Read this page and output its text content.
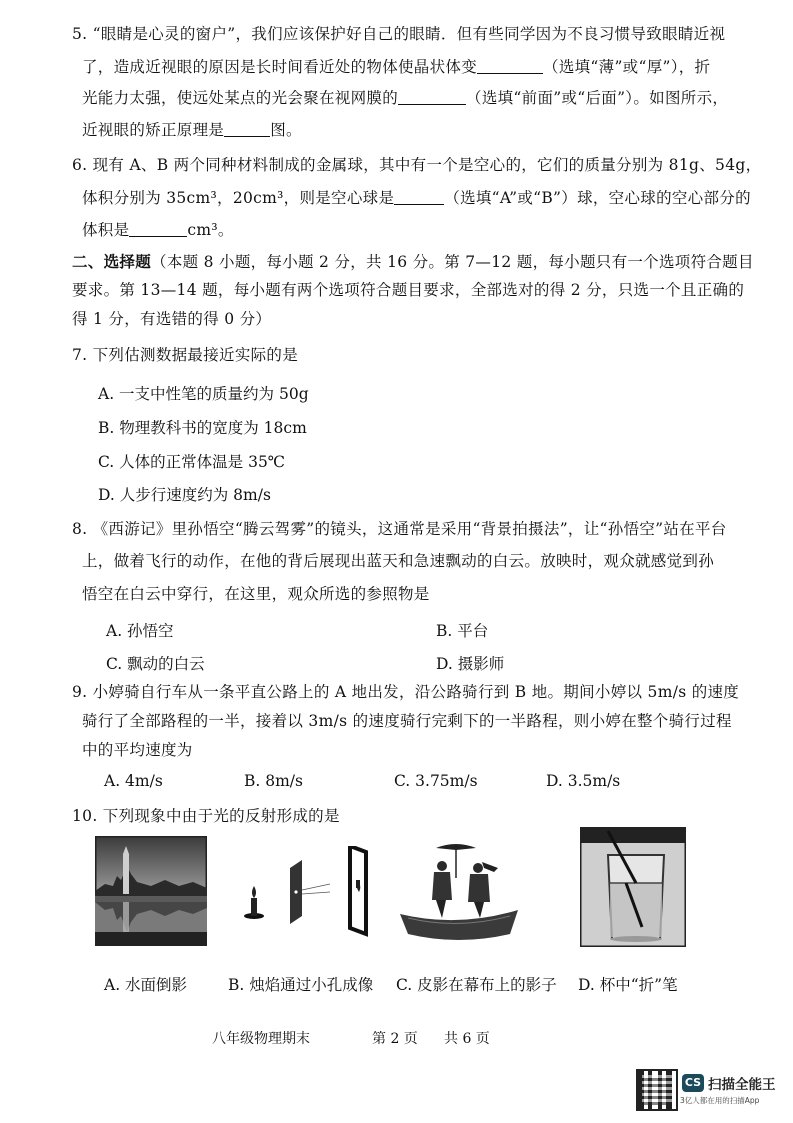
5. “眼睛是心灵的窗户”，我们应该保护好自己的眼睛．但有些同学因为不良习惯导致眼睛近视
了，造成近视眼的原因是长时间看近处的物体使晶状体变	（选填“薄”或“厚”），折
光能力太强，使远处某点的光会聚在视网膜的	（选填“前面”或“后面”）。如图所示，
近视眼的矫正原理是	图。
6. 现有 A、B 两个同种材料制成的金属球，其中有一个是空心的，它们的质量分别为 81g、54g，
体积分别为 35cm³，20cm³，则是空心球是	（选填“A”或“B”）球，空心球的空心部分的
体积是	cm³。
二、选择题（本题 8 小题，每小题 2 分，共 16 分。第 7—12 题，每小题只有一个选项符合题目
要求。第 13—14 题，每小题有两个选项符合题目要求，全部选对的得 2 分，只选一个且正确的
得 1 分，有选错的得 0 分）
7. 下列估测数据最接近实际的是
A. 一支中性笔的质量约为 50g
B. 物理教科书的宽度为 18cm
C. 人体的正常体温是 35℃
D. 人步行速度约为 8m/s
8. 《西游记》里孙悟空“腾云驾雾”的镜头，这通常是采用“背景拍摄法”，让“孙悟空”站在平台
上，做着飞行的动作，在他的背后展现出蓝天和急速飘动的白云。放映时，观众就感觉到孙
悟空在白云中穿行，在这里，观众所选的参照物是
A. 孙悟空	B. 平台
C. 飘动的白云	D. 摄影师
9. 小婷骑自行车从一条平直公路上的 A 地出发，沿公路骑行到 B 地。期间小婷以 5m/s 的速度
骑行了全部路程的一半，接着以 3m/s 的速度骑行完剩下的一半路程，则小婷在整个骑行过程
中的平均速度为
A. 4m/s	B. 8m/s	C. 3.75m/s	D. 3.5m/s
10. 下列现象中由于光的反射形成的是
A. 水面倒影	B. 烛焰通过小孔成像 C. 皮影在幕布上的影子 D. 杯中“折”笔
八年级物理期末	第 2 页 共 6 页
CS 扫描全能王
3亿人都在用的扫描App
